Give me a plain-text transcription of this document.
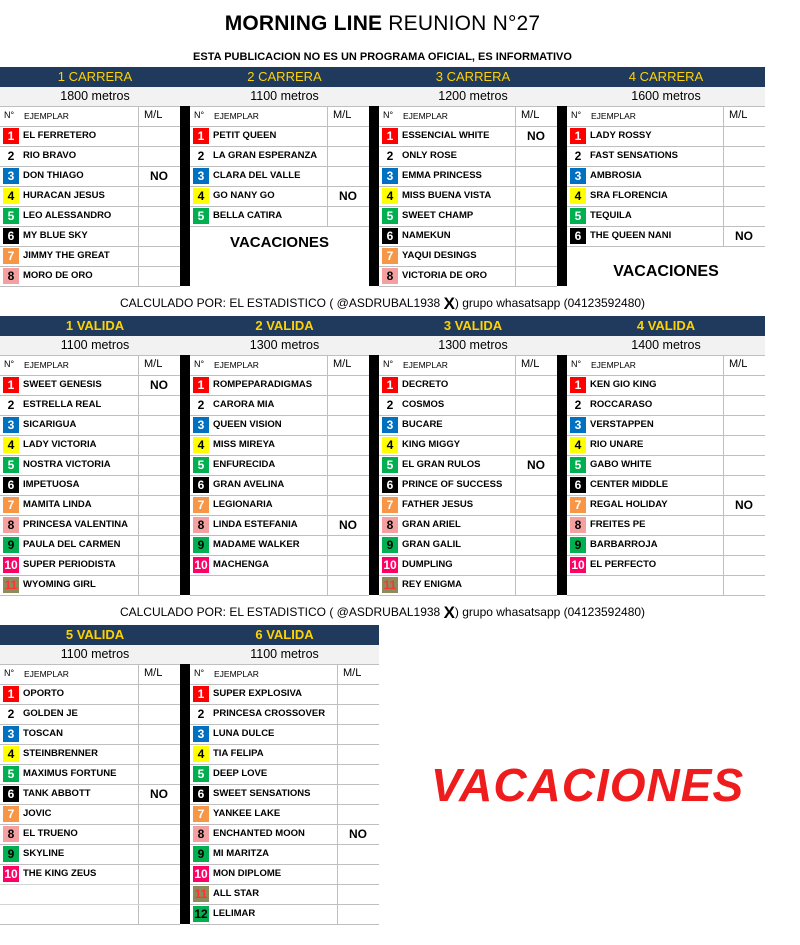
MORNING LINE REUNION N°27
ESTA PUBLICACION NO ES UN PROGRAMA OFICIAL, ES INFORMATIVO
VACACIONES
1 CARRERA
1800 metros
N° EJEMPLAR	M/L
1 EL FERRETERO
2 RIO BRAVO
3 DON THIAGO	NO
4 HURACAN JESUS
5 LEO ALESSANDRO
6 MY BLUE SKY
7 JIMMY THE GREAT
8 MORO DE ORO
2 CARRERA
1100 metros
N° EJEMPLAR	M/L
1 PETIT QUEEN
2 LA GRAN ESPERANZA
3 CLARA DEL VALLE
4 GO NANY GO	NO
5 BELLA CATIRA
VACACIONES
3 CARRERA
1200 metros
N° EJEMPLAR	M/L
1 ESSENCIAL WHITE	NO
2 ONLY ROSE
3 EMMA PRINCESS
4 MISS BUENA VISTA
5 SWEET CHAMP
6 NAMEKUN
7 YAQUI DESINGS
8 VICTORIA DE ORO
4 CARRERA
1600 metros
N° EJEMPLAR	M/L
1 LADY ROSSY
2 FAST SENSATIONS
3 AMBROSIA
4 SRA FLORENCIA
5 TEQUILA
6 THE QUEEN NANI	NO
VACACIONES
CALCULADO POR: EL ESTADISTICO ( @ASDRUBAL1938 X) grupo whasatsapp (04123592480)
1 VALIDA
1100 metros
N° EJEMPLAR	M/L
1 SWEET GENESIS	NO
2 ESTRELLA REAL
3 SICARIGUA
4 LADY VICTORIA
5 NOSTRA VICTORIA
6 IMPETUOSA
7 MAMITA LINDA
8 PRINCESA VALENTINA
9 PAULA DEL CARMEN
10 SUPER PERIODISTA
11 WYOMING GIRL
2 VALIDA
1300 metros
N° EJEMPLAR	M/L
1 ROMPEPARADIGMAS
2 CARORA MIA
3 QUEEN VISION
4 MISS MIREYA
5 ENFURECIDA
6 GRAN AVELINA
7 LEGIONARIA
8 LINDA ESTEFANIA	NO
9 MADAME WALKER
10 MACHENGA
3 VALIDA
1300 metros
N° EJEMPLAR	M/L
1 DECRETO
2 COSMOS
3 BUCARE
4 KING MIGGY
5 EL GRAN RULOS	NO
6 PRINCE OF SUCCESS
7 FATHER JESUS
8 GRAN ARIEL
9 GRAN GALIL
10 DUMPLING
11 REY ENIGMA
4 VALIDA
1400 metros
N° EJEMPLAR	M/L
1 KEN GIO KING
2 ROCCARASO
3 VERSTAPPEN
4 RIO UNARE
5 GABO WHITE
6 CENTER MIDDLE
7 REGAL HOLIDAY	NO
8 FREITES PE
9 BARBARROJA
10 EL PERFECTO
CALCULADO POR: EL ESTADISTICO ( @ASDRUBAL1938 X) grupo whasatsapp (04123592480)
5 VALIDA
1100 metros
N° EJEMPLAR	M/L
1 OPORTO
2 GOLDEN JE
3 TOSCAN
4 STEINBRENNER
5 MAXIMUS FORTUNE
6 TANK ABBOTT	NO
7 JOVIC
8 EL TRUENO
9 SKYLINE
10 THE KING ZEUS
6 VALIDA
1100 metros
N° EJEMPLAR	M/L
1 SUPER EXPLOSIVA
2 PRINCESA CROSSOVER
3 LUNA DULCE
4 TIA FELIPA
5 DEEP LOVE
6 SWEET SENSATIONS
7 YANKEE LAKE
8 ENCHANTED MOON	NO
9 MI MARITZA
10 MON DIPLOME
11 ALL STAR
12 LELIMAR
